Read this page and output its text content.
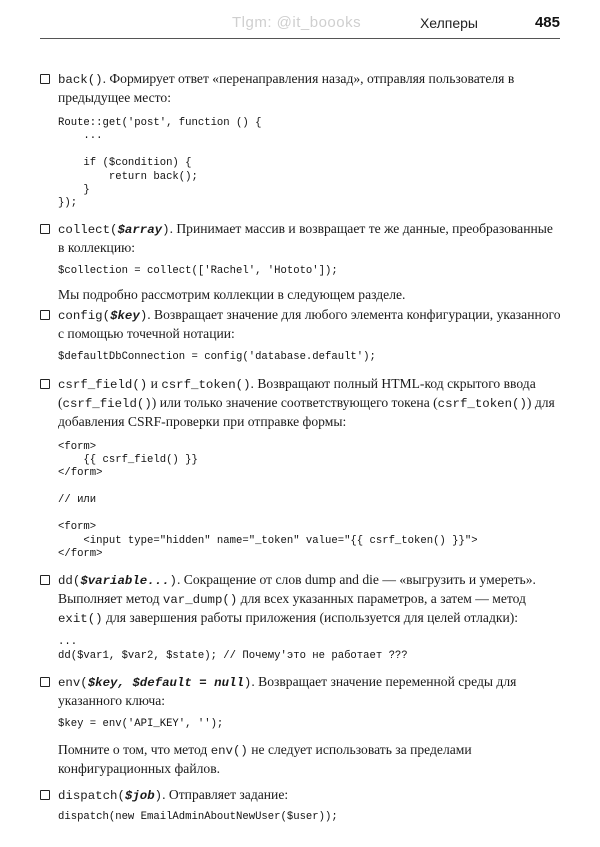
Tlgm: @it_boooks	Хелперы	485
back(). Формирует ответ «перенаправления назад», отправляя пользователя в предыдущее место:
Route::get('post', function () {
...

if ($condition) {
return back();
}
});
collect($array). Принимает массив и возвращает те же данные, преобразованные в коллекцию:
$collection = collect(['Rachel', 'Hototo']);
Мы подробно рассмотрим коллекции в следующем разделе.
config($key). Возвращает значение для любого элемента конфигурации, указанного с помощью точечной нотации:
$defaultDbConnection = config('database.default');
csrf_field() и csrf_token(). Возвращают полный HTML-код скрытого ввода (csrf_field()) или только значение соответствующего токена (csrf_token()) для добавления CSRF-проверки при отправке формы:
<form>
{{ csrf_field() }}
</form>

// или

<form>
<input type="hidden" name="_token" value="{{ csrf_token() }}">
</form>
dd($variable...). Сокращение от слов dump and die — «выгрузить и умереть». Выполняет метод var_dump() для всех указанных параметров, а затем — метод exit() для завершения работы приложения (используется для целей отладки):
...
dd($var1, $var2, $state); // Почему'это не работает ???
env($key, $default = null). Возвращает значение переменной среды для указанного ключа:
$key = env('API_KEY', '');
Помните о том, что метод env() не следует использовать за пределами конфигурационных файлов.
dispatch($job). Отправляет задание:
dispatch(new EmailAdminAboutNewUser($user));
